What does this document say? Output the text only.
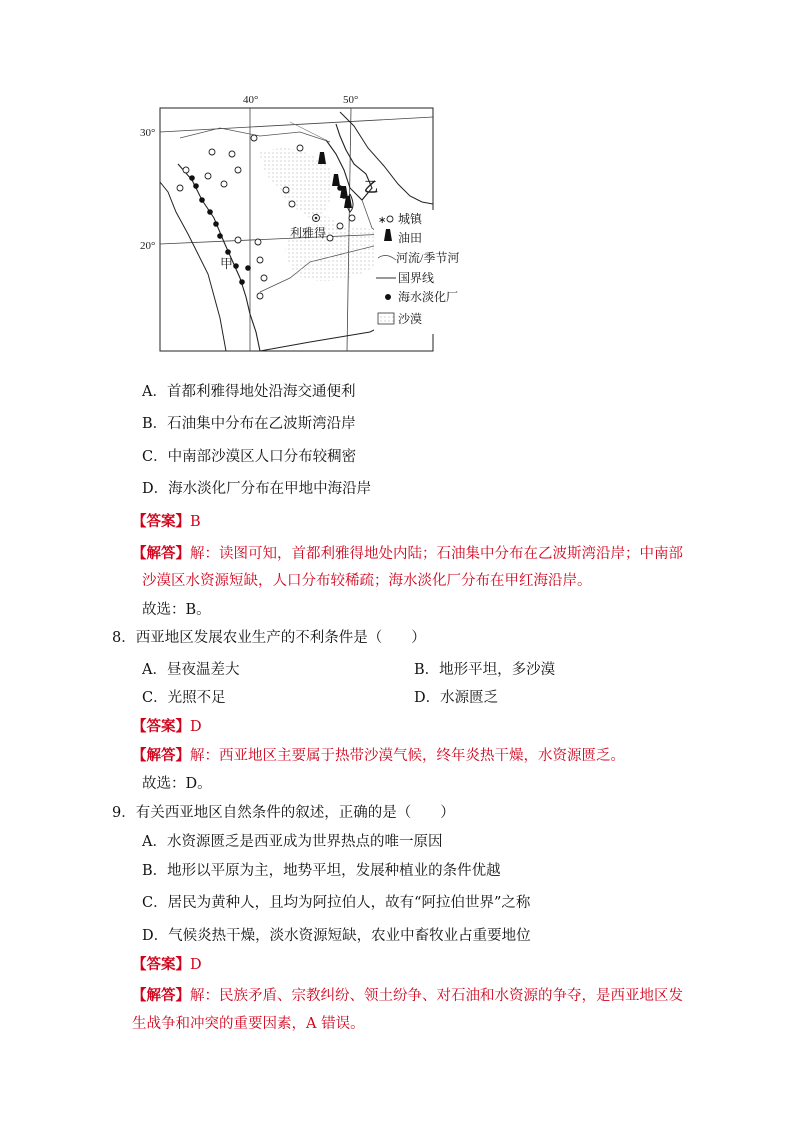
利雅得
甲
乙
40°	50°
30°
20°
∗ 城镇
油田
河流/季节河
国界线
海水淡化厂
沙漠
A．首都利雅得地处沿海交通便利
B．石油集中分布在乙波斯湾沿岸
C．中南部沙漠区人口分布较稠密
D．海水淡化厂分布在甲地中海沿岸
【答案】B
【解答】解：读图可知，首都利雅得地处内陆；石油集中分布在乙波斯湾沿岸；中南部
沙漠区水资源短缺，人口分布较稀疏；海水淡化厂分布在甲红海沿岸。
故选：B。
8．西亚地区发展农业生产的不利条件是（　　）
A．昼夜温差大	B．地形平坦，多沙漠
C．光照不足	D．水源匮乏
【答案】D
【解答】解：西亚地区主要属于热带沙漠气候，终年炎热干燥，水资源匮乏。
故选：D。
9．有关西亚地区自然条件的叙述，正确的是（　　）
A．水资源匮乏是西亚成为世界热点的唯一原因
B．地形以平原为主，地势平坦，发展种植业的条件优越
C．居民为黄种人，且均为阿拉伯人，故有“阿拉伯世界”之称
D．气候炎热干燥，淡水资源短缺，农业中畜牧业占重要地位
【答案】D
【解答】解：民族矛盾、宗教纠纷、领土纷争、对石油和水资源的争夺，是西亚地区发
生战争和冲突的重要因素，A 错误。
